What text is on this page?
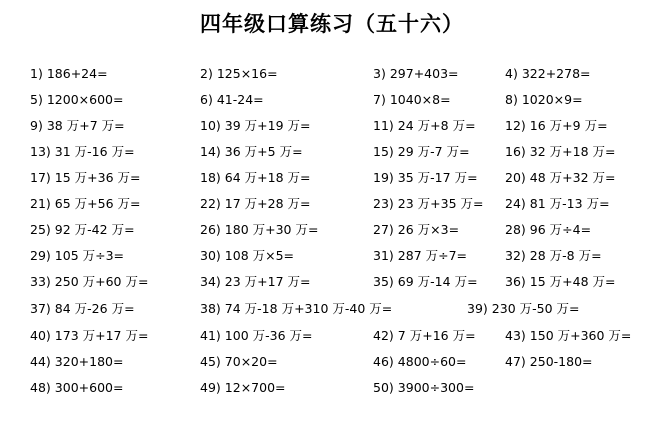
四年级口算练习（五十六）
1) 186+24=	2) 125×16=	3) 297+403=	4) 322+278=
5) 1200×600=	6) 41-24=	7) 1040×8=	8) 1020×9=
9) 38 万+7 万=	10) 39 万+19 万=	11) 24 万+8 万= 12) 16 万+9 万=
13) 31 万-16 万=	14) 36 万+5 万=	15) 29 万-7 万=	16) 32 万+18 万=
17) 15 万+36 万=	18) 64 万+18 万=	19) 35 万-17 万= 20) 48 万+32 万=
21) 65 万+56 万=	22) 17 万+28 万=	23) 23 万+35 万= 24) 81 万-13 万=
25) 92 万-42 万=	26) 180 万+30 万=	27) 26 万×3=	28) 96 万÷4=
29) 105 万÷3=	30) 108 万×5=	31) 287 万÷7=	32) 28 万-8 万=
33) 250 万+60 万=	34) 23 万+17 万=	35) 69 万-14 万= 36) 15 万+48 万=
37) 84 万-26 万=	38) 74 万-18 万+310 万-40 万=	39) 230 万-50 万=
40) 173 万+17 万=	41) 100 万-36 万=	42) 7 万+16 万= 43) 150 万+360 万=
44) 320+180=	45) 70×20=	46) 4800÷60=	47) 250-180=
48) 300+600=	49) 12×700=	50) 3900÷300=
